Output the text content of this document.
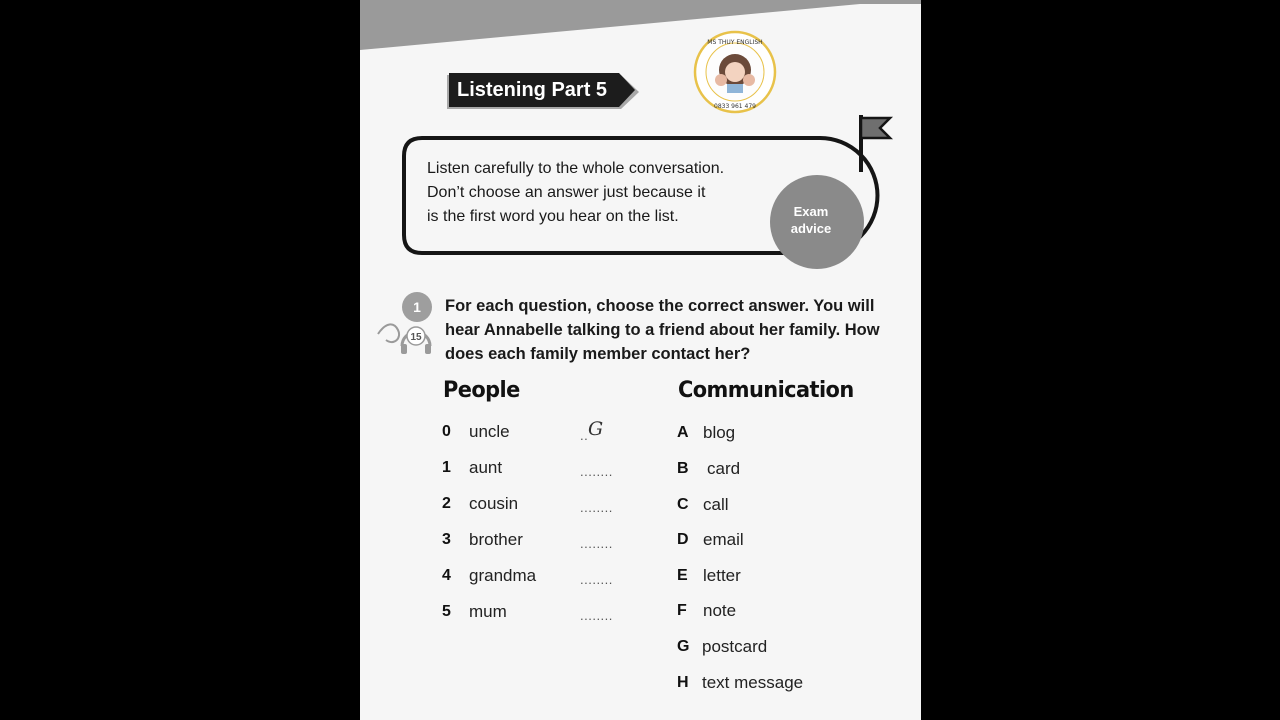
Listening Part 5
MS THUY ENGLISH
0833 961 479
Listen carefully to the whole conversation.
Don’t choose an answer just because it
is the first word you hear on the list.	Exam
advice
1
15
For each question, choose the correct answer. You will
hear Annabelle talking to a friend about her family. How
does each family member contact her?
People	Communication
0 uncle	.. G
1 aunt	........
2 cousin	........
3 brother	........
4 grandma	........
5 mum	........
A blog
B card
C call
D email
E letter
F note
G postcard
H text message
